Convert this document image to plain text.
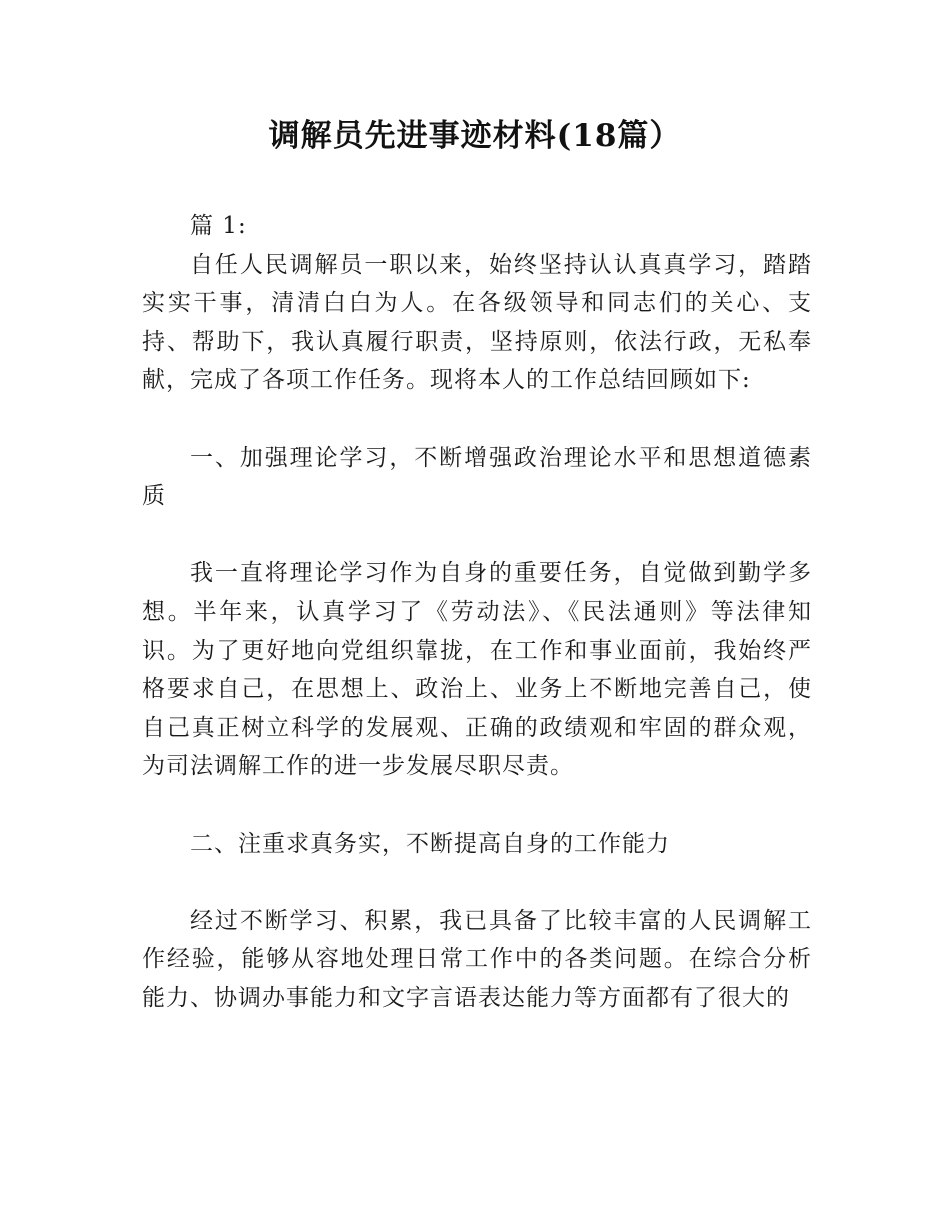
调解员先进事迹材料(18篇）

篇 1:

自任人民调解员一职以来，始终坚持认认真真学习，踏踏实实干事，清清白白为人。在各级领导和同志们的关心、支持、帮助下，我认真履行职责，坚持原则，依法行政，无私奉献，完成了各项工作任务。现将本人的工作总结回顾如下:

一、加强理论学习，不断增强政治理论水平和思想道德素质

我一直将理论学习作为自身的重要任务，自觉做到勤学多想。半年来，认真学习了《劳动法》、《民法通则》等法律知识。为了更好地向党组织靠拢，在工作和事业面前，我始终严格要求自己，在思想上、政治上、业务上不断地完善自己，使自己真正树立科学的发展观、正确的政绩观和牢固的群众观，为司法调解工作的进一步发展尽职尽责。

二、注重求真务实，不断提高自身的工作能力

经过不断学习、积累，我已具备了比较丰富的人民调解工作经验，能够从容地处理日常工作中的各类问题。在综合分析能力、协调办事能力和文字言语表达能力等方面都有了很大的
